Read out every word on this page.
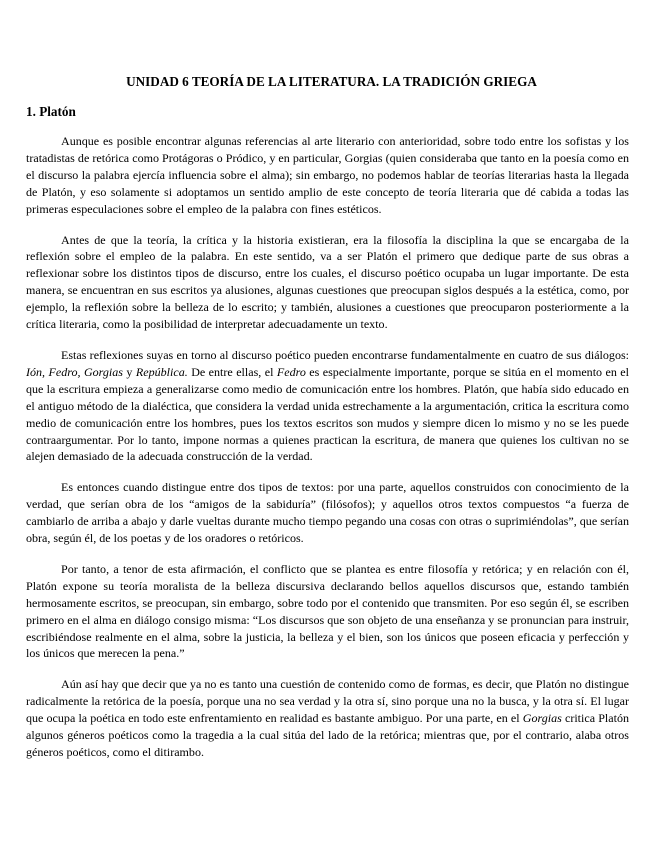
UNIDAD 6 TEORÍA DE LA LITERATURA. LA TRADICIÓN GRIEGA
1. Platón

Aunque es posible encontrar algunas referencias al arte literario con anterioridad, sobre todo entre los sofistas y los tratadistas de retórica como Protágoras o Pródico, y en particular, Gorgias (quien consideraba que tanto en la poesía como en el discurso la palabra ejercía influencia sobre el alma); sin embargo, no podemos hablar de teorías literarias hasta la llegada de Platón, y eso solamente si adoptamos un sentido amplio de este concepto de teoría literaria que dé cabida a todas las primeras especulaciones sobre el empleo de la palabra con fines estéticos.

Antes de que la teoría, la crítica y la historia existieran, era la filosofía la disciplina la que se encargaba de la reflexión sobre el empleo de la palabra. En este sentido, va a ser Platón el primero que dedique parte de sus obras a reflexionar sobre los distintos tipos de discurso, entre los cuales, el discurso poético ocupaba un lugar importante. De esta manera, se encuentran en sus escritos ya alusiones, algunas cuestiones que preocupan siglos después a la estética, como, por ejemplo, la reflexión sobre la belleza de lo escrito; y también, alusiones a cuestiones que preocuparon posteriormente a la crítica literaria, como la posibilidad de interpretar adecuadamente un texto.

Estas reflexiones suyas en torno al discurso poético pueden encontrarse fundamentalmente en cuatro de sus diálogos: Ión, Fedro, Gorgias y República. De entre ellas, el Fedro es especialmente importante, porque se sitúa en el momento en el que la escritura empieza a generalizarse como medio de comunicación entre los hombres. Platón, que había sido educado en el antiguo método de la dialéctica, que considera la verdad unida estrechamente a la argumentación, critica la escritura como medio de comunicación entre los hombres, pues los textos escritos son mudos y siempre dicen lo mismo y no se les puede contraargumentar. Por lo tanto, impone normas a quienes practican la escritura, de manera que quienes los cultivan no se alejen demasiado de la adecuada construcción de la verdad.

Es entonces cuando distingue entre dos tipos de textos: por una parte, aquellos construidos con conocimiento de la verdad, que serían obra de los “amigos de la sabiduría” (filósofos); y aquellos otros textos compuestos “a fuerza de cambiarlo de arriba a abajo y darle vueltas durante mucho tiempo pegando una cosas con otras o suprimiéndolas”, que serían obra, según él, de los poetas y de los oradores o retóricos.

Por tanto, a tenor de esta afirmación, el conflicto que se plantea es entre filosofía y retórica; y en relación con él, Platón expone su teoría moralista de la belleza discursiva declarando bellos aquellos discursos que, estando también hermosamente escritos, se preocupan, sin embargo, sobre todo por el contenido que transmiten. Por eso según él, se escriben primero en el alma en diálogo consigo misma: “Los discursos que son objeto de una enseñanza y se pronuncian para instruir, escribiéndose realmente en el alma, sobre la justicia, la belleza y el bien, son los únicos que poseen eficacia y perfección y los únicos que merecen la pena.”

Aún así hay que decir que ya no es tanto una cuestión de contenido como de formas, es decir, que Platón no distingue radicalmente la retórica de la poesía, porque una no sea verdad y la otra sí, sino porque una no la busca, y la otra sí. El lugar que ocupa la poética en todo este enfrentamiento en realidad es bastante ambiguo. Por una parte, en el Gorgias critica Platón algunos géneros poéticos como la tragedia a la cual sitúa del lado de la retórica; mientras que, por el contrario, alaba otros géneros poéticos, como el ditirambo.
